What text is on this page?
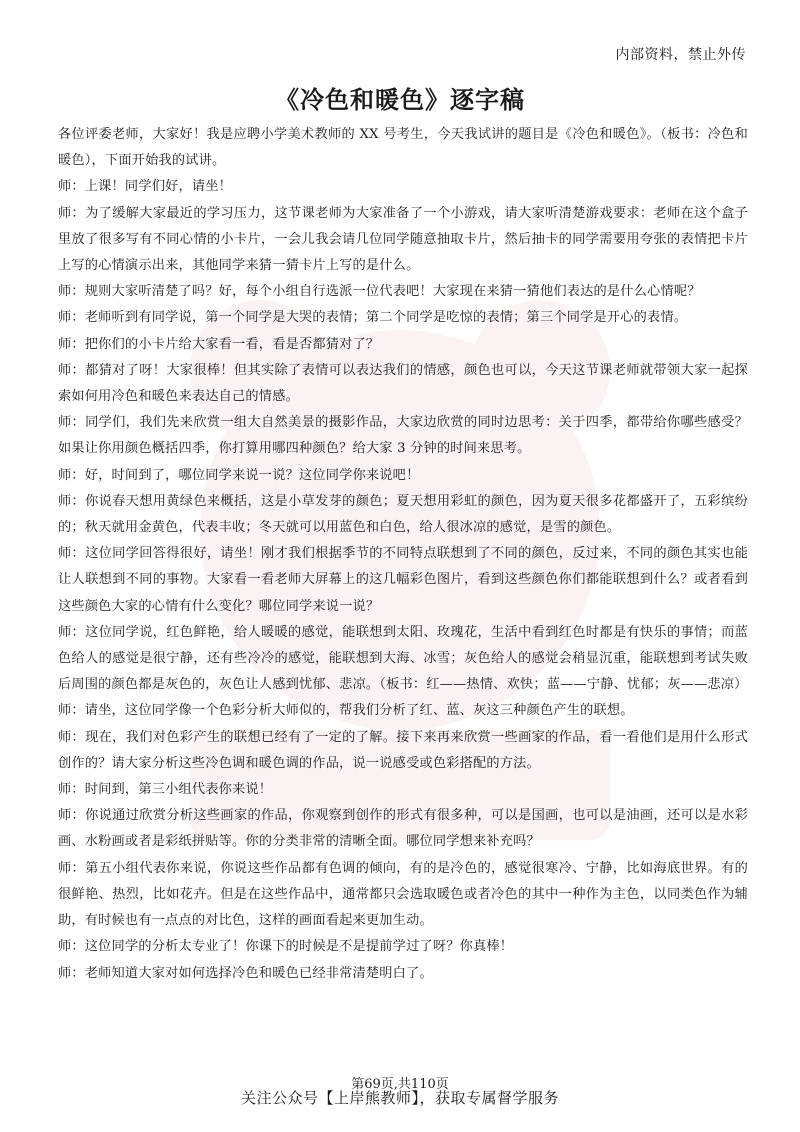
内部资料，禁止外传
《冷色和暖色》逐字稿

各位评委老师，大家好！我是应聘小学美术教师的 XX 号考生，今天我试讲的题目是《冷色和暖色》。（板书：冷色和暖色），下面开始我的试讲。

师：上课！同学们好，请坐！

师：为了缓解大家最近的学习压力，这节课老师为大家准备了一个小游戏，请大家听清楚游戏要求：老师在这个盒子里放了很多写有不同心情的小卡片，一会儿我会请几位同学随意抽取卡片，然后抽卡的同学需要用夸张的表情把卡片上写的心情演示出来，其他同学来猜一猜卡片上写的是什么。

师：规则大家听清楚了吗？好，每个小组自行选派一位代表吧！大家现在来猜一猜他们表达的是什么心情呢？

师：老师听到有同学说，第一个同学是大哭的表情；第二个同学是吃惊的表情；第三个同学是开心的表情。

师：把你们的小卡片给大家看一看，看是否都猜对了？

师：都猜对了呀！大家很棒！但其实除了表情可以表达我们的情感，颜色也可以，今天这节课老师就带领大家一起探索如何用冷色和暖色来表达自己的情感。

师：同学们，我们先来欣赏一组大自然美景的摄影作品，大家边欣赏的同时边思考：关于四季，都带给你哪些感受？如果让你用颜色概括四季，你打算用哪四种颜色？给大家 3 分钟的时间来思考。

师：好，时间到了，哪位同学来说一说？这位同学你来说吧！

师：你说春天想用黄绿色来概括，这是小草发芽的颜色；夏天想用彩虹的颜色，因为夏天很多花都盛开了，五彩缤纷的；秋天就用金黄色，代表丰收；冬天就可以用蓝色和白色，给人很冰凉的感觉，是雪的颜色。

师：这位同学回答得很好，请坐！刚才我们根据季节的不同特点联想到了不同的颜色，反过来，不同的颜色其实也能让人联想到不同的事物。大家看一看老师大屏幕上的这几幅彩色图片，看到这些颜色你们都能联想到什么？或者看到这些颜色大家的心情有什么变化？哪位同学来说一说？

师：这位同学说，红色鲜艳，给人暖暖的感觉，能联想到太阳、玫瑰花，生活中看到红色时都是有快乐的事情；而蓝色给人的感觉是很宁静，还有些冷冷的感觉，能联想到大海、冰雪；灰色给人的感觉会稍显沉重，能联想到考试失败后周围的颜色都是灰色的，灰色让人感到忧郁、悲凉。（板书：红——热情、欢快；蓝——宁静、忧郁；灰——悲凉）

师：请坐，这位同学像一个色彩分析大师似的，帮我们分析了红、蓝、灰这三种颜色产生的联想。

师：现在，我们对色彩产生的联想已经有了一定的了解。接下来再来欣赏一些画家的作品，看一看他们是用什么形式创作的？请大家分析这些冷色调和暖色调的作品，说一说感受或色彩搭配的方法。

师：时间到，第三小组代表你来说！

师：你说通过欣赏分析这些画家的作品，你观察到创作的形式有很多种，可以是国画，也可以是油画，还可以是水彩画、水粉画或者是彩纸拼贴等。你的分类非常的清晰全面。哪位同学想来补充吗？

师：第五小组代表你来说，你说这些作品都有色调的倾向，有的是冷色的，感觉很寒冷、宁静，比如海底世界。有的很鲜艳、热烈，比如花卉。但是在这些作品中，通常都只会选取暖色或者冷色的其中一种作为主色，以同类色作为辅助，有时候也有一点点的对比色，这样的画面看起来更加生动。

师：这位同学的分析太专业了！你课下的时候是不是提前学过了呀？你真棒！

师：老师知道大家对如何选择冷色和暖色已经非常清楚明白了。

第69页,共110页
关注公众号【上岸熊教师】，获取专属督学服务
